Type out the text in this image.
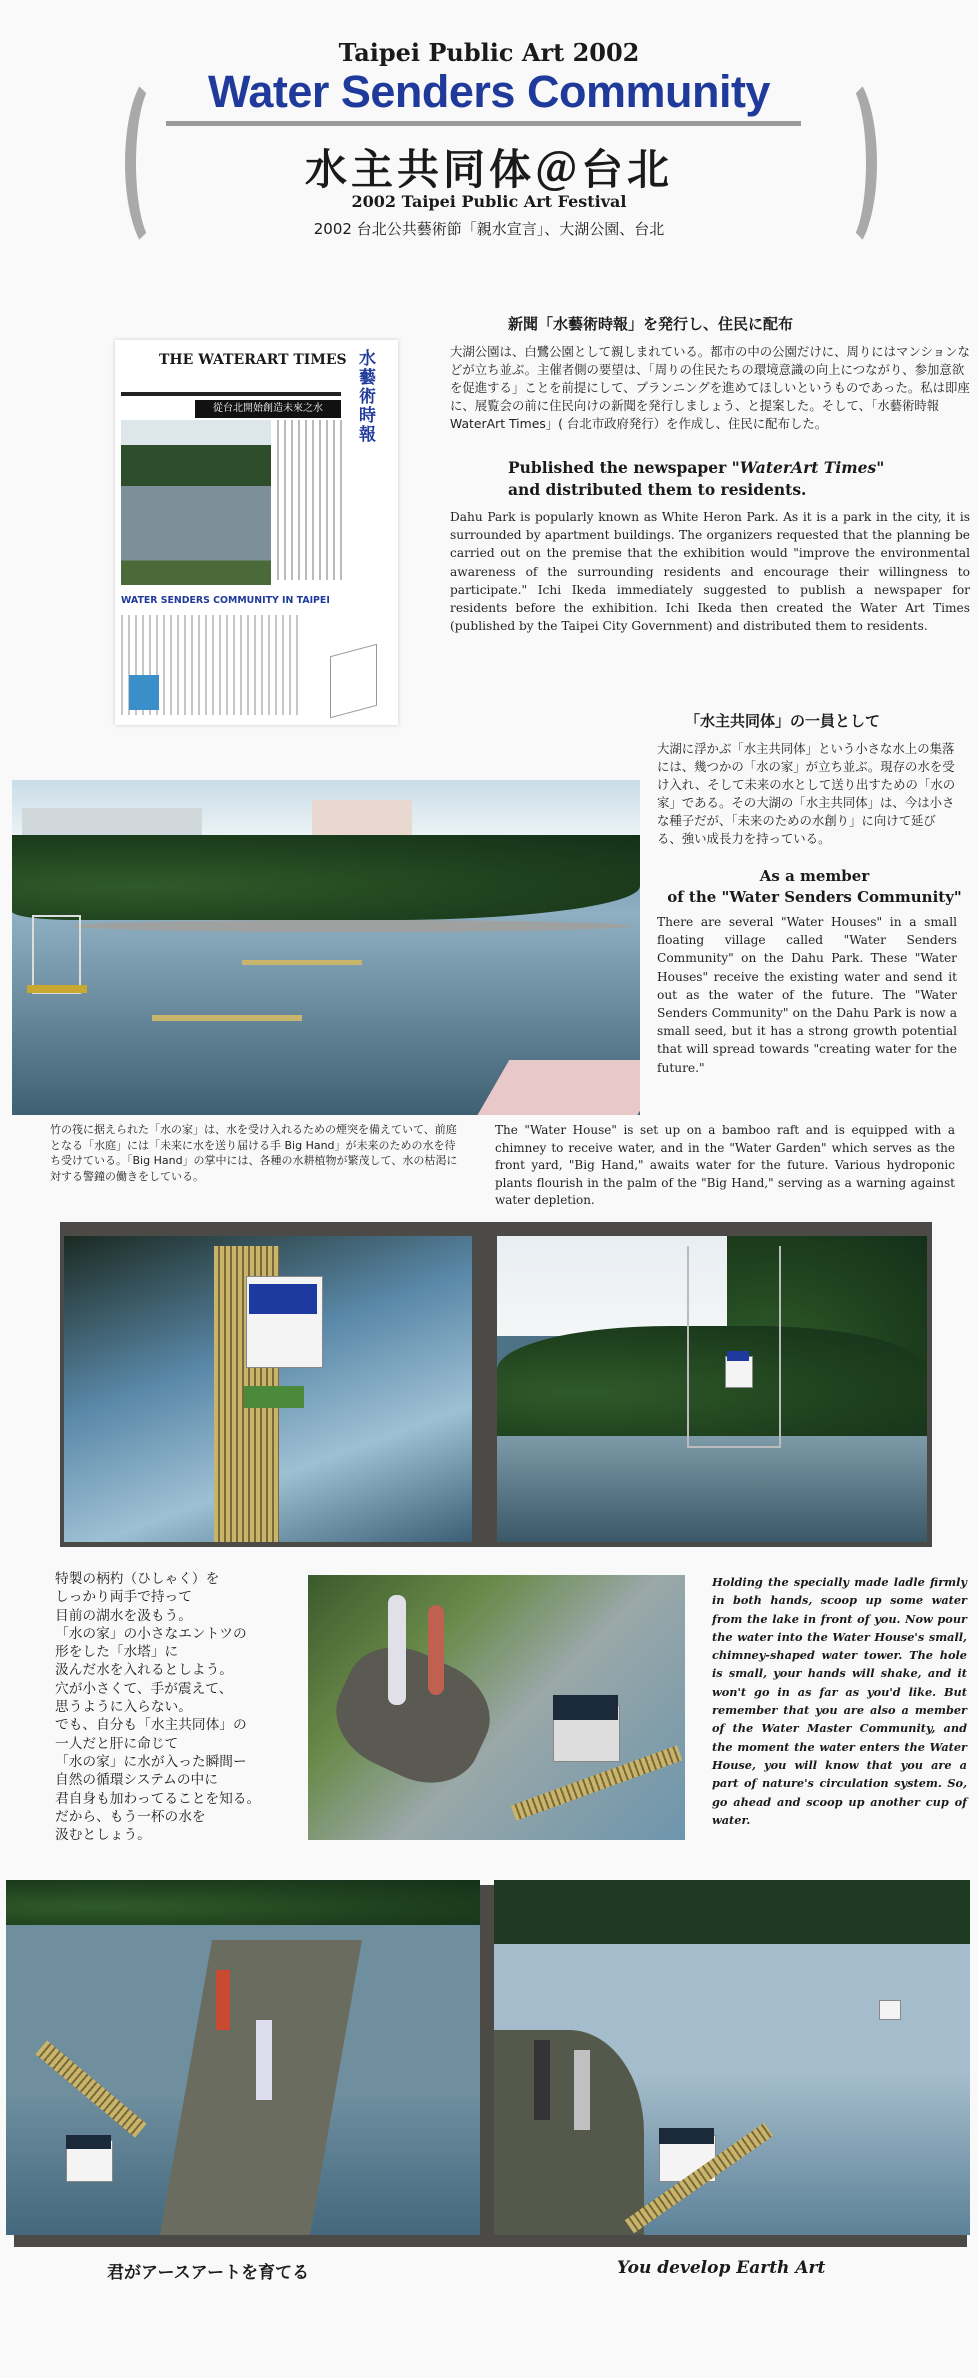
Taipei Public Art 2002
Water Senders Community
水主共同体＠台北
2002 Taipei Public Art Festival
2002 台北公共藝術節「親水宣言」、大湖公園、台北
THE WATERART TIMES 水藝術時報
從台北開始創造未來之水
WATER SENDERS COMMUNITY IN TAIPEI
新聞「水藝術時報」を発行し、住民に配布
大湖公園は、白鷺公園として親しまれている。都市の中の公園だけに、周りにはマンションなどが立ち並ぶ。主催者側の要望は、「周りの住民たちの環境意識の向上につながり、参加意欲を促進する」ことを前提にして、プランニングを進めてほしいというものであった。私は即座に、展覧会の前に住民向けの新聞を発行しましょう、と提案した。そして、「水藝術時報 WaterArt Times」( 台北市政府発行）を作成し、住民に配布した。
Published the newspaper "WaterArt Times"
and distributed them to residents.
Dahu Park is popularly known as White Heron Park. As it is a park in the city, it is surrounded by apartment buildings. The organizers requested that the planning be carried out on the premise that the exhibition would "improve the environmental awareness of the surrounding residents and encourage their willingness to participate." Ichi Ikeda immediately suggested to publish a newspaper for residents before the exhibition. Ichi Ikeda then created the Water Art Times (published by the Taipei City Government) and distributed them to residents.
「水主共同体」の一員として
大湖に浮かぶ「水主共同体」という小さな水上の集落には、幾つかの「水の家」が立ち並ぶ。現存の水を受け入れ、そして未来の水として送り出すための「水の家」である。その大湖の「水主共同体」は、今は小さな種子だが、「未来のための水創り」に向けて延びる、強い成長力を持っている。
As a member
of the "Water Senders Community"
There are several "Water Houses" in a small floating village called "Water Senders Community" on the Dahu Park. These "Water Houses" receive the existing water and send it out as the water of the future. The "Water Senders Community" on the Dahu Park is now a small seed, but it has a strong growth potential that will spread towards "creating water for the future."
竹の筏に据えられた「水の家」は、水を受け入れるための煙突を備えていて、前庭となる「水庭」には「未来に水を送り届ける手 Big Hand」が未来のための水を待ち受けている。「Big Hand」の掌中には、各種の水耕植物が繁茂して、水の枯渇に対する警鐘の働きをしている。
The "Water House" is set up on a bamboo raft and is equipped with a chimney to receive water, and in the "Water Garden" which serves as the front yard, "Big Hand," awaits water for the future. Various hydroponic plants flourish in the palm of the "Big Hand," serving as a warning against water depletion.
特製の柄杓（ひしゃく）を
しっかり両手で持って
目前の湖水を汲もう。
「水の家」の小さなエントツの
形をした「水塔」に
汲んだ水を入れるとしよう。
穴が小さくて、手が震えて、
思うように入らない。
でも、自分も「水主共同体」の
一人だと肝に命じて
「水の家」に水が入った瞬間ー
自然の循環システムの中に
君自身も加わってることを知る。
だから、もう一杯の水を
汲むとしょう。
Holding the specially made ladle firmly in both hands, scoop up some water from the lake in front of you. Now pour the water into the Water House's small, chimney-shaped water tower. The hole is small, your hands will shake, and it won't go in as far as you'd like. But remember that you are also a member of the Water Master Community, and the moment the water enters the Water House, you will know that you are a part of nature's circulation system. So, go ahead and scoop up another cup of water.
君がアースアートを育てる	You develop Earth Art
